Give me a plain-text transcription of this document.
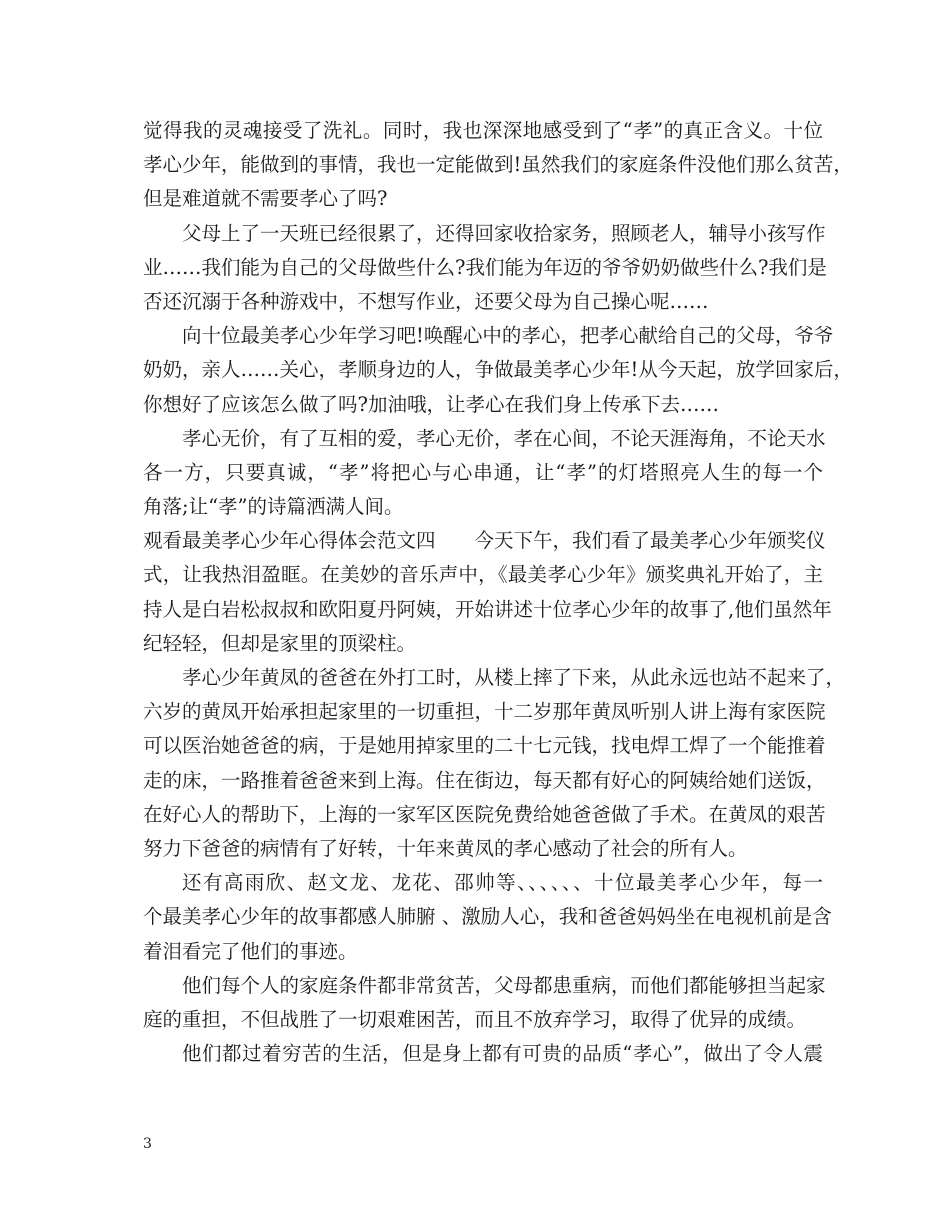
觉得我的灵魂接受了洗礼。同时，我也深深地感受到了“孝”的真正含义。十位
孝心少年，能做到的事情，我也一定能做到!虽然我们的家庭条件没他们那么贫苦，
但是难道就不需要孝心了吗?
父母上了一天班已经很累了，还得回家收拾家务，照顾老人，辅导小孩写作
业……我们能为自己的父母做些什么?我们能为年迈的爷爷奶奶做些什么?我们是
否还沉溺于各种游戏中，不想写作业，还要父母为自己操心呢……
向十位最美孝心少年学习吧!唤醒心中的孝心，把孝心献给自己的父母，爷爷
奶奶，亲人……关心，孝顺身边的人，争做最美孝心少年!从今天起，放学回家后，
你想好了应该怎么做了吗?加油哦，让孝心在我们身上传承下去……
孝心无价，有了互相的爱，孝心无价，孝在心间，不论天涯海角，不论天水
各一方，只要真诚，“孝”将把心与心串通，让“孝”的灯塔照亮人生的每一个
角落;让“孝”的诗篇洒满人间。
观看最美孝心少年心得体会范文四　　今天下午，我们看了最美孝心少年颁奖仪
式，让我热泪盈眶。在美妙的音乐声中，《最美孝心少年》颁奖典礼开始了，主
持人是白岩松叔叔和欧阳夏丹阿姨，开始讲述十位孝心少年的故事了,他们虽然年
纪轻轻，但却是家里的顶梁柱。
孝心少年黄凤的爸爸在外打工时，从楼上摔了下来，从此永远也站不起来了，
六岁的黄凤开始承担起家里的一切重担，十二岁那年黄凤听别人讲上海有家医院
可以医治她爸爸的病，于是她用掉家里的二十七元钱，找电焊工焊了一个能推着
走的床，一路推着爸爸来到上海。住在街边，每天都有好心的阿姨给她们送饭，
在好心人的帮助下，上海的一家军区医院免费给她爸爸做了手术。在黄凤的艰苦
努力下爸爸的病情有了好转，十年来黄凤的孝心感动了社会的所有人。
还有高雨欣、赵文龙、龙花、邵帅等、、、、、、十位最美孝心少年，每一
个最美孝心少年的故事都感人肺腑 、激励人心，我和爸爸妈妈坐在电视机前是含
着泪看完了他们的事迹。
他们每个人的家庭条件都非常贫苦，父母都患重病，而他们都能够担当起家
庭的重担，不但战胜了一切艰难困苦，而且不放弃学习，取得了优异的成绩。
他们都过着穷苦的生活，但是身上都有可贵的品质“孝心”，做出了令人震
3
